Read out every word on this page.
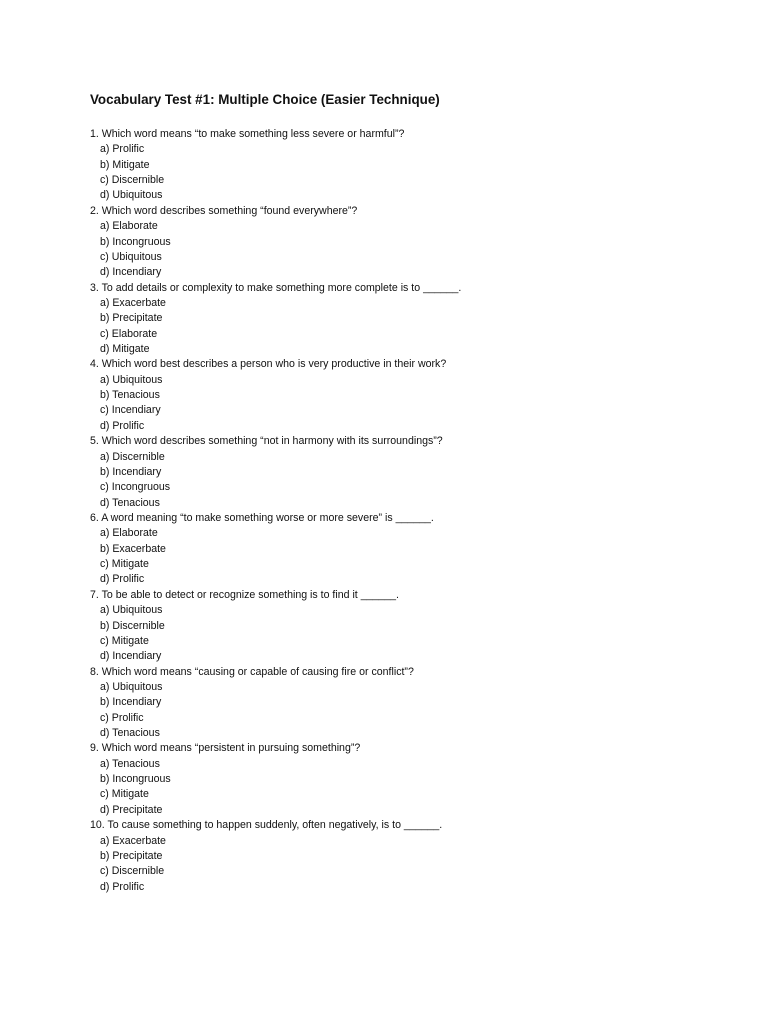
Vocabulary Test #1: Multiple Choice (Easier Technique)
1. Which word means “to make something less severe or harmful”?
a) Prolific
b) Mitigate
c) Discernible
d) Ubiquitous
2. Which word describes something “found everywhere”?
a) Elaborate
b) Incongruous
c) Ubiquitous
d) Incendiary
3. To add details or complexity to make something more complete is to ______.
a) Exacerbate
b) Precipitate
c) Elaborate
d) Mitigate
4. Which word best describes a person who is very productive in their work?
a) Ubiquitous
b) Tenacious
c) Incendiary
d) Prolific
5. Which word describes something “not in harmony with its surroundings”?
a) Discernible
b) Incendiary
c) Incongruous
d) Tenacious
6. A word meaning “to make something worse or more severe” is ______.
a) Elaborate
b) Exacerbate
c) Mitigate
d) Prolific
7. To be able to detect or recognize something is to find it ______.
a) Ubiquitous
b) Discernible
c) Mitigate
d) Incendiary
8. Which word means “causing or capable of causing fire or conflict”?
a) Ubiquitous
b) Incendiary
c) Prolific
d) Tenacious
9. Which word means “persistent in pursuing something”?
a) Tenacious
b) Incongruous
c) Mitigate
d) Precipitate
10. To cause something to happen suddenly, often negatively, is to ______.
a) Exacerbate
b) Precipitate
c) Discernible
d) Prolific
